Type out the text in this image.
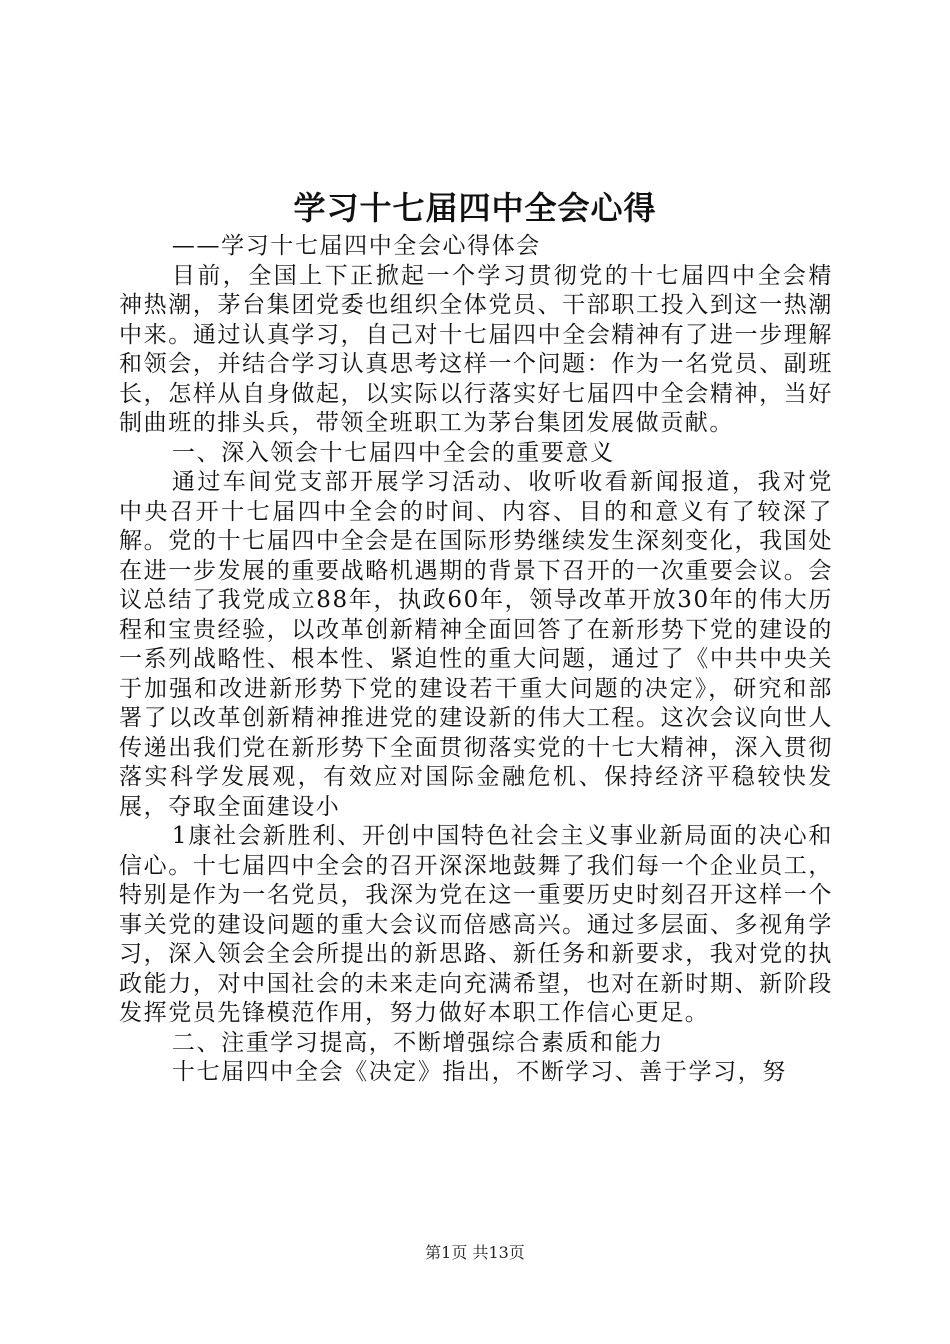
学习十七届四中全会心得

——学习十七届四中全会心得体会

目前，全国上下正掀起一个学习贯彻党的十七届四中全会精神热潮，茅台集团党委也组织全体党员、干部职工投入到这一热潮中来。通过认真学习，自己对十七届四中全会精神有了进一步理解和领会，并结合学习认真思考这样一个问题：作为一名党员、副班长，怎样从自身做起，以实际以行落实好七届四中全会精神，当好制曲班的排头兵，带领全班职工为茅台集团发展做贡献。

一、深入领会十七届四中全会的重要意义

通过车间党支部开展学习活动、收听收看新闻报道，我对党中央召开十七届四中全会的时间、内容、目的和意义有了较深了解。党的十七届四中全会是在国际形势继续发生深刻变化，我国处在进一步发展的重要战略机遇期的背景下召开的一次重要会议。会议总结了我党成立88年，执政60年，领导改革开放30年的伟大历程和宝贵经验，以改革创新精神全面回答了在新形势下党的建设的一系列战略性、根本性、紧迫性的重大问题，通过了《中共中央关于加强和改进新形势下党的建设若干重大问题的决定》，研究和部署了以改革创新精神推进党的建设新的伟大工程。这次会议向世人传递出我们党在新形势下全面贯彻落实党的十七大精神，深入贯彻落实科学发展观，有效应对国际金融危机、保持经济平稳较快发展，夺取全面建设小

1康社会新胜利、开创中国特色社会主义事业新局面的决心和信心。十七届四中全会的召开深深地鼓舞了我们每一个企业员工，特别是作为一名党员，我深为党在这一重要历史时刻召开这样一个事关党的建设问题的重大会议而倍感高兴。通过多层面、多视角学习，深入领会全会所提出的新思路、新任务和新要求，我对党的执政能力，对中国社会的未来走向充满希望，也对在新时期、新阶段发挥党员先锋模范作用，努力做好本职工作信心更足。

二、注重学习提高，不断增强综合素质和能力

十七届四中全会《决定》指出，不断学习、善于学习，努

第1页 共13页
